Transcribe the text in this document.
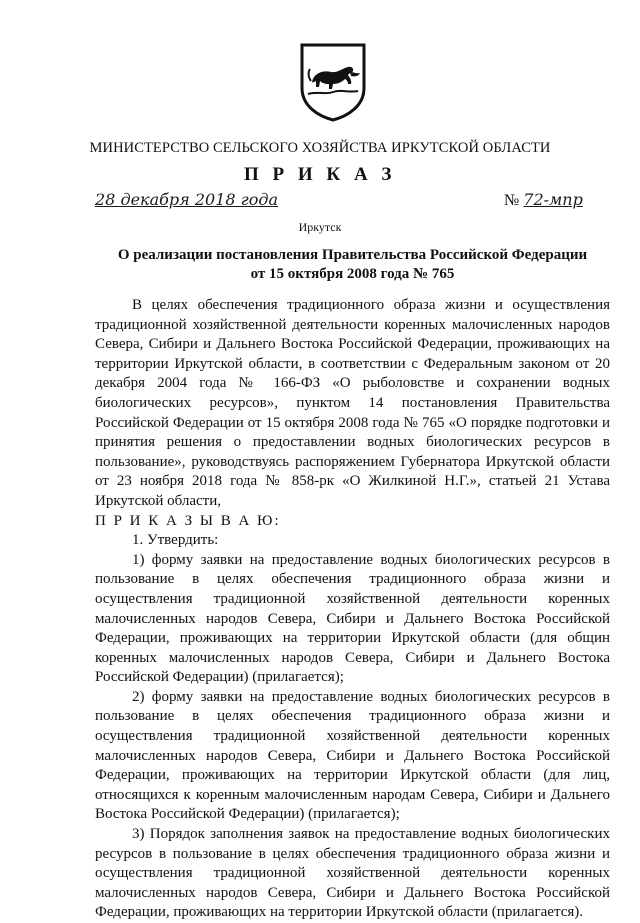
МИНИСТЕРСТВО СЕЛЬСКОГО ХОЗЯЙСТВА ИРКУТСКОЙ ОБЛАСТИ
П Р И К А З
28 декабря 2018 года	№ 72-мпр
Иркутск
О реализации постановления Правительства Российской Федерации
от 15 октября 2008 года № 765

В целях обеспечения традиционного образа жизни и осуществления традиционной хозяйственной деятельности коренных малочисленных народов Севера, Сибири и Дальнего Востока Российской Федерации, проживающих на территории Иркутской области, в соответствии с Федеральным законом от 20 декабря 2004 года № 166-ФЗ «О рыболовстве и сохранении водных биологических ресурсов», пунктом 14 постановления Правительства Российской Федерации от 15 октября 2008 года № 765 «О порядке подготовки и принятия решения о предоставлении водных биологических ресурсов в пользование», руководствуясь распоряжением Губернатора Иркутской области от 23 ноября 2018 года № 858-рк «О Жилкиной Н.Г.», статьей 21 Устава Иркутской области,

П Р И К А З Ы В А Ю:

1. Утвердить:

1) форму заявки на предоставление водных биологических ресурсов в пользование в целях обеспечения традиционного образа жизни и осуществления традиционной хозяйственной деятельности коренных малочисленных народов Севера, Сибири и Дальнего Востока Российской Федерации, проживающих на территории Иркутской области (для общин коренных малочисленных народов Севера, Сибири и Дальнего Востока Российской Федерации) (прилагается);

2) форму заявки на предоставление водных биологических ресурсов в пользование в целях обеспечения традиционного образа жизни и осуществления традиционной хозяйственной деятельности коренных малочисленных народов Севера, Сибири и Дальнего Востока Российской Федерации, проживающих на территории Иркутской области (для лиц, относящихся к коренным малочисленным народам Севера, Сибири и Дальнего Востока Российской Федерации) (прилагается);

3) Порядок заполнения заявок на предоставление водных биологических ресурсов в пользование в целях обеспечения традиционного образа жизни и осуществления традиционной хозяйственной деятельности коренных малочисленных народов Севера, Сибири и Дальнего Востока Российской Федерации, проживающих на территории Иркутской области (прилагается).
